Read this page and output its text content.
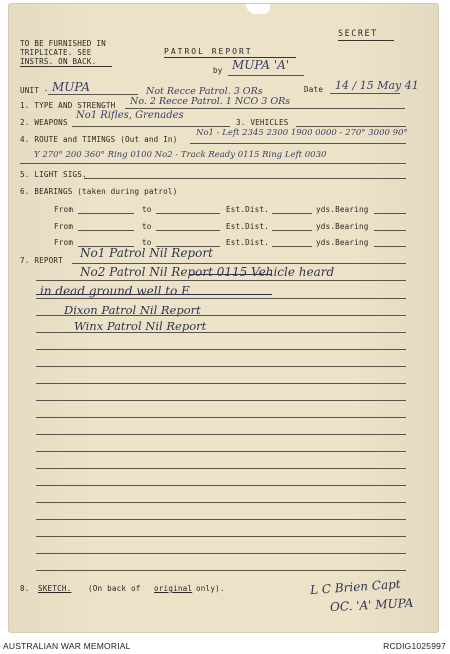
TO BE FURNISHED IN
TRIPLICATE. SEE
INSTRS. ON BACK.
SECRET
PATROL REPORT
by MUPA 'A'
UNIT - MUPA	Date 14 / 15 May 41
1. TYPE AND STRENGTH
Not Recce Patrol. 3 ORs
No. 2 Recce Patrol. 1 NCO 3 ORs
2. WEAPONS
No1 Rifles, Grenades
3. VEHICLES
4. ROUTE and TIMINGS (Out and In)
No1 - Left 2345 2300 1900 0000 - 270° 3000 90°
Y 270° 200 360° Ring 0100 No2 - Track Ready 0115 Ring Left 0030
5. LIGHT SIGS.
6. BEARINGS (taken during patrol)
From	to	Est.Dist.	yds.Bearing
From	to	Est.Dist.	yds.Bearing
From	to	Est.Dist.	yds.Bearing
7. REPORT
No1 Patrol Nil Report
No2 Patrol Nil Report 0115 Vehicle heard
in dead ground well to E
Dixon Patrol Nil Report
Winx Patrol Nil Report
8. SKETCH. (On back of original only).	L C Brien Capt
OC. 'A' MUPA
AUSTRALIAN WAR MEMORIAL	RCDIG1025997
